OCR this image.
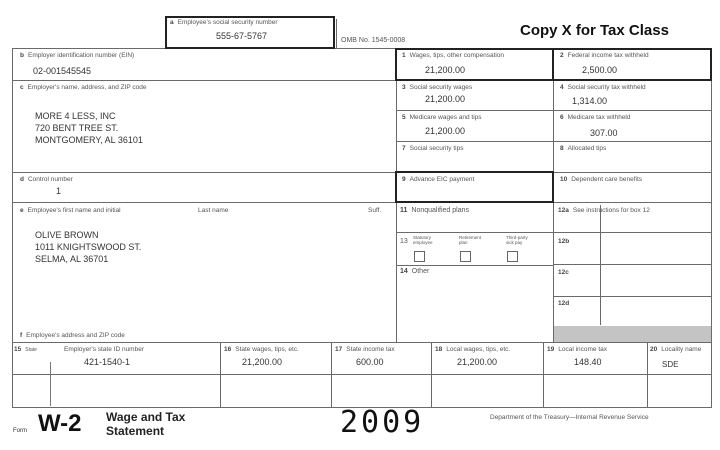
a Employee's social security number
555-67-5767	OMB No. 1545-0008
Copy X for Tax Class
b Employer identification number (EIN)
02-001545545
c Employer's name, address, and ZIP code
MORE 4 LESS, INC
720 BENT TREE ST.
MONTGOMERY, AL 36101
d Control number
1
e Employee's first name and initial	Last name	Suff.
OLIVE BROWN
1011 KNIGHTSWOOD ST.
SELMA, AL 36701
f Employee's address and ZIP code
1 Wages, tips, other compensation
21,200.00
2 Federal income tax withheld
2,500.00
3 Social security wages
21,200.00
4 Social security tax withheld
1,314.00
5 Medicare wages and tips
21,200.00
6 Medicare tax withheld
307.00
7 Social security tips	8 Allocated tips
9 Advance EIC payment	10 Dependent care benefits
11 Nonqualified plans
13
Statutory employee
Retirement plan
Third-party sick pay
14 Other
12a See instructions for box 12
12b
12c
12d
15 State	Employer's state ID number
421-1540-1
16 State wages, tips, etc.
21,200.00
17 State income tax
600.00
18 Local wages, tips, etc.
21,200.00
19 Local income tax
148.40
20 Locality name
SDE
Form W-2 Wage and Tax
Statement	2009	Department of the Treasury—Internal Revenue Service
